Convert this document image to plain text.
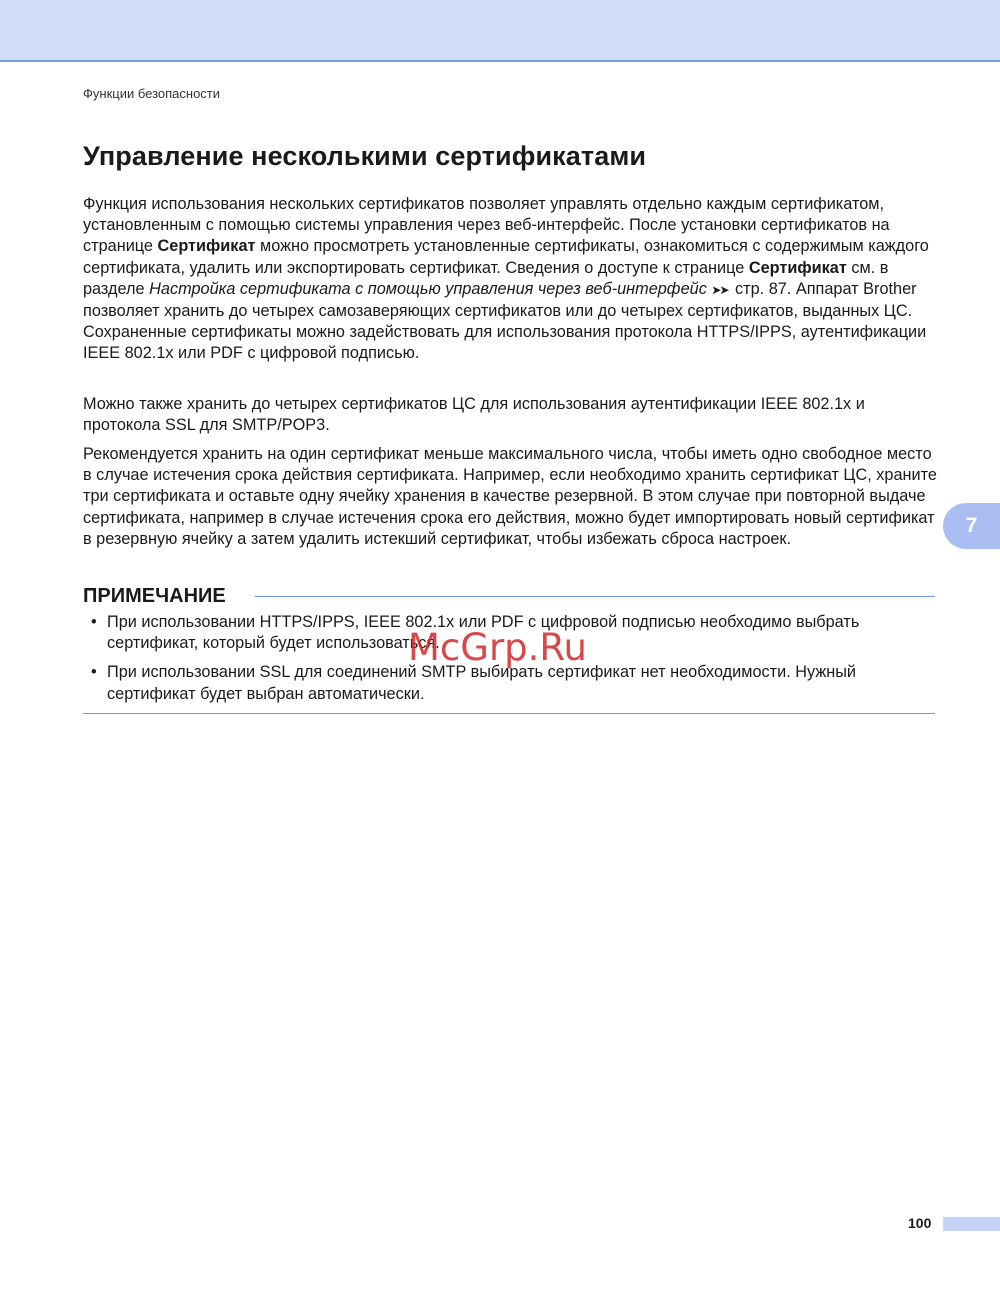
Функции безопасности
Управление несколькими сертификатами

Функция использования нескольких сертификатов позволяет управлять отдельно каждым сертификатом, установленным с помощью системы управления через веб-интерфейс. После установки сертификатов на странице Сертификат можно просмотреть установленные сертификаты, ознакомиться с содержимым каждого сертификата, удалить или экспортировать сертификат. Сведения о доступе к странице Сертификат см. в разделе Настройка сертификата с помощью управления через веб-интерфейс ➤➤ стр. 87. Аппарат Brother позволяет хранить до четырех самозаверяющих сертификатов или до четырех сертификатов, выданных ЦС. Сохраненные сертификаты можно задействовать для использования протокола HTTPS/IPPS, аутентификации IEEE 802.1x или PDF с цифровой подписью.

Можно также хранить до четырех сертификатов ЦС для использования аутентификации IEEE 802.1x и протокола SSL для SMTP/POP3.

Рекомендуется хранить на один сертификат меньше максимального числа, чтобы иметь одно свободное место в случае истечения срока действия сертификата. Например, если необходимо хранить сертификат ЦС, храните три сертификата и оставьте одну ячейку хранения в качестве резервной. В этом случае при повторной выдаче сертификата, например в случае истечения срока его действия, можно будет импортировать новый сертификат в резервную ячейку а затем удалить истекший сертификат, чтобы избежать сброса настроек.

7
ПРИМЕЧАНИЕ
• При использовании HTTPS/IPPS, IEEE 802.1x или PDF с цифровой подписью необходимо выбрать сертификат, который будет использоваться.
• При использовании SSL для соединений SMTP выбирать сертификат нет необходимости. Нужный сертификат будет выбран автоматически.
McGrp.Ru
100
